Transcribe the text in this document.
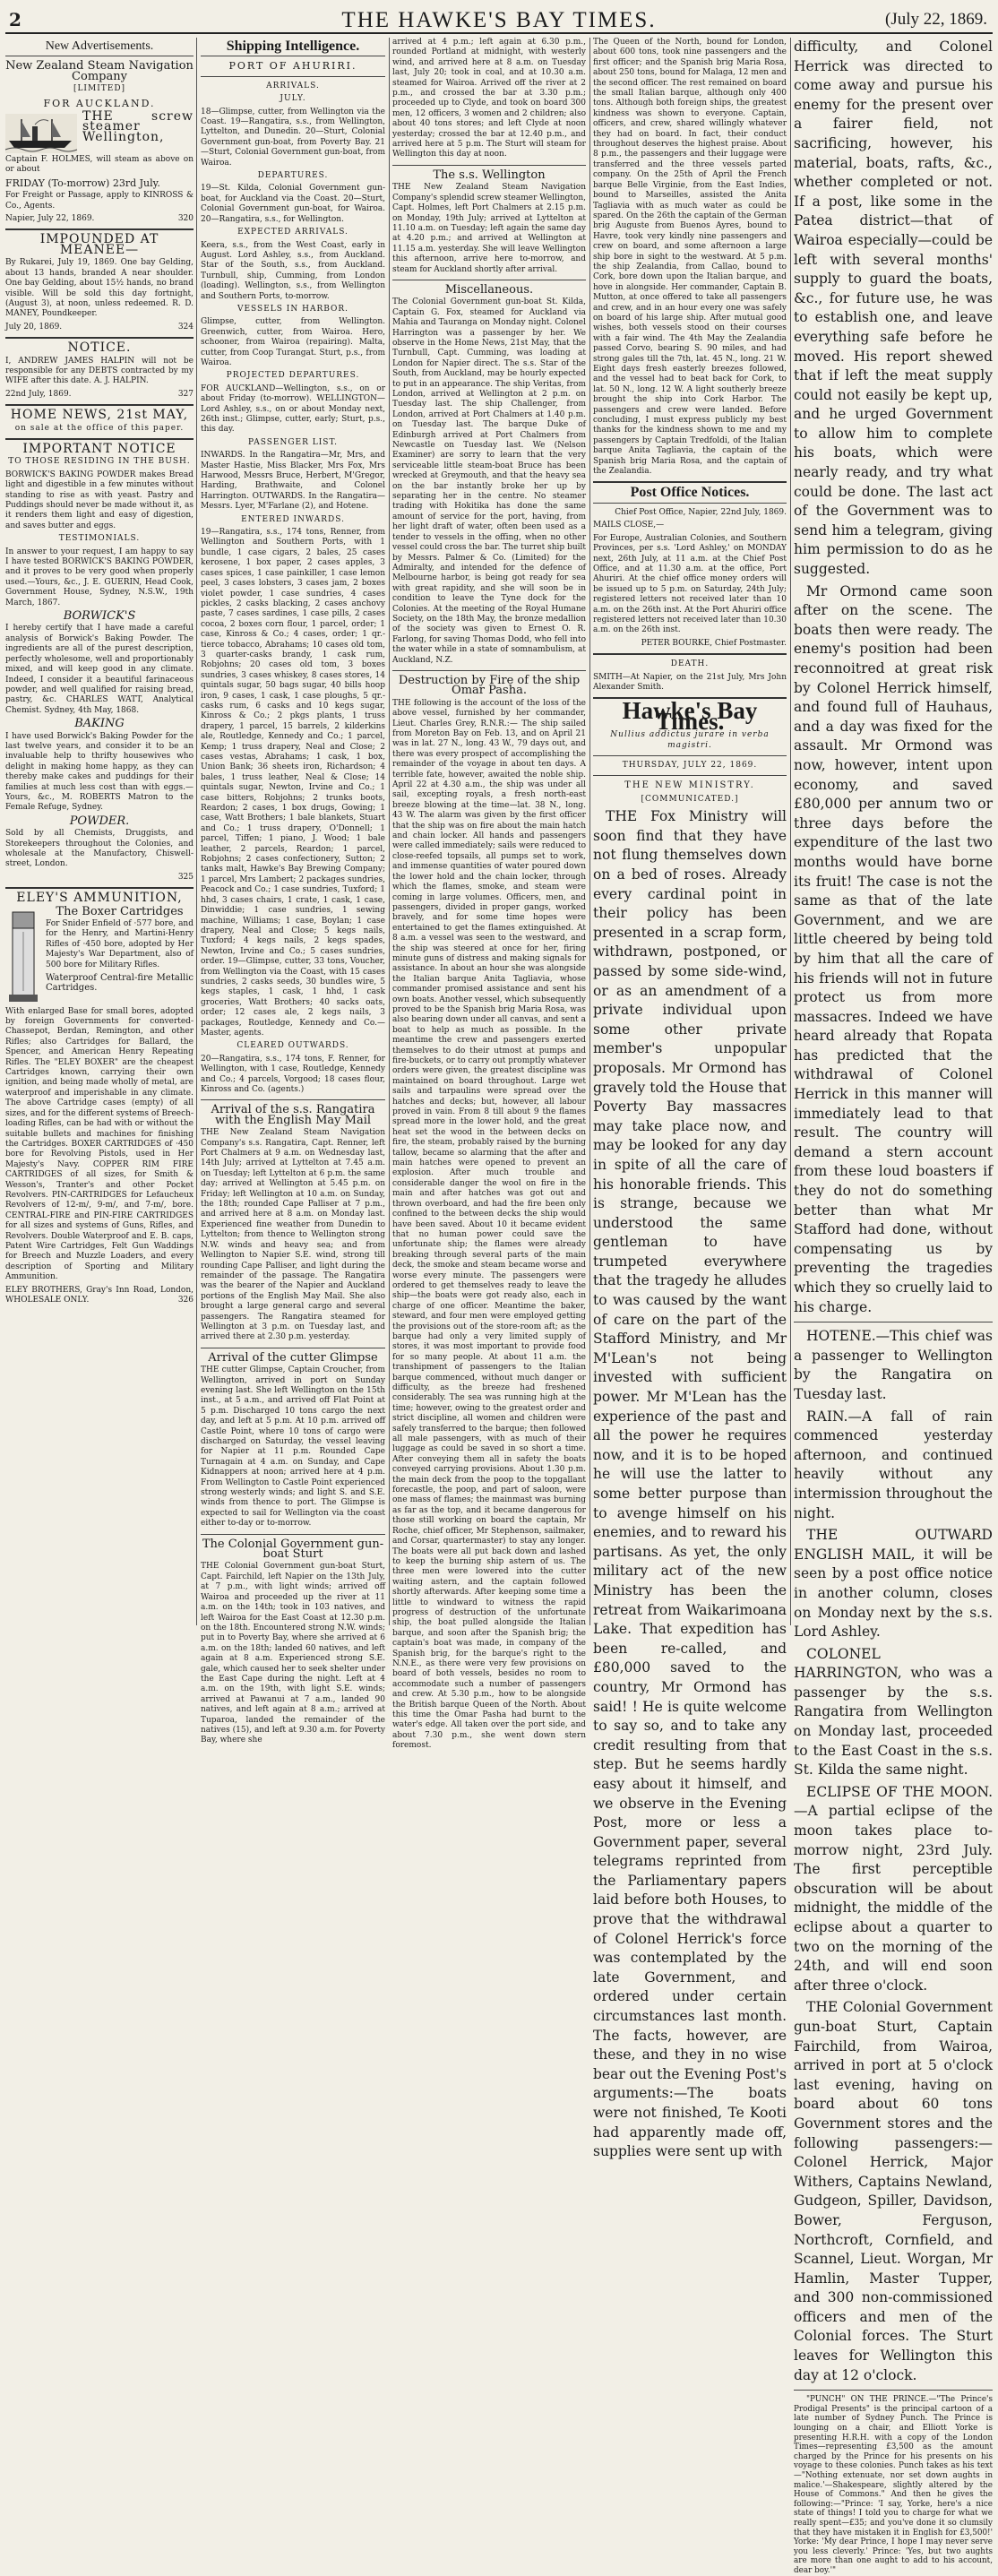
2	THE HAWKE'S BAY TIMES.	(July 22, 1869.
New Advertisements.
New Zealand Steam Navigation Company
[LIMITED]
FOR AUCKLAND.

THE screw steamer Wellington,

Captain F. HOLMES, will steam as above on or about

FRIDAY (To-morrow) 23rd July.

For Freight or Passage, apply to KINROSS & Co., Agents.

Napier, July 22, 1869.	320

IMPOUNDED AT MEANEE—

By Rukarei, July 19, 1869. One bay Gelding, about 13 hands, branded A near shoulder. One bay Gelding, about 15½ hands, no brand visible. Will be sold this day fortnight, (August 3), at noon, unless redeemed. R. D. MANEY, Poundkeeper.

July 20, 1869.	324

NOTICE.

I, ANDREW JAMES HALPIN will not be responsible for any DEBTS contracted by my WIFE after this date. A. J. HALPIN.

22nd July, 1869.	327

HOME NEWS, 21st MAY,
on sale at the office of this paper.
IMPORTANT NOTICE
TO THOSE RESIDING IN THE BUSH.

BORWICK'S BAKING POWDER makes Bread light and digestible in a few minutes without standing to rise as with yeast. Pastry and Puddings should never be made without it, as it renders them light and easy of digestion, and saves butter and eggs.

TESTIMONIALS.

In answer to your request, I am happy to say I have tested BORWICK'S BAKING POWDER, and it proves to be very good when properly used.—Yours, &c., J. E. GUERIN, Head Cook, Government House, Sydney, N.S.W., 19th March, 1867.

BORWICK'S

I hereby certify that I have made a careful analysis of Borwick's Baking Powder. The ingredients are all of the purest description, perfectly wholesome, well and proportionably mixed, and will keep good in any climate. Indeed, I consider it a beautiful farinaceous powder, and well qualified for raising bread, pastry, &c. CHARLES WATT, Analytical Chemist. Sydney, 4th May, 1868.

BAKING

I have used Borwick's Baking Powder for the last twelve years, and consider it to be an invaluable help to thrifty housewives who delight in making home happy, as they can thereby make cakes and puddings for their families at much less cost than with eggs.—Yours, &c., M. ROBERTS Matron to the Female Refuge, Sydney.

POWDER.

Sold by all Chemists, Druggists, and Storekeepers throughout the Colonies, and wholesale at the Manufactory, Chiswell-street, London.

325

ELEY'S AMMUNITION,
The Boxer Cartridges

For Snider Enfield of ·577 bore, and for the Henry, and Martini-Henry Rifles of ·450 bore, adopted by Her Majesty's War Department, also of 500 bore for Military Rifles.

Waterproof Central-fire Metallic Cartridges.

With enlarged Base for small bores, adopted by foreign Governments for converted-Chassepot, Berdan, Remington, and other Rifles; also Cartridges for Ballard, the Spencer, and American Henry Repeating Rifles. The "ELEY BOXER" are the cheapest Cartridges known, carrying their own ignition, and being made wholly of metal, are waterproof and imperishable in any climate. The above Cartridge cases (empty) of all sizes, and for the different systems of Breech-loading Rifles, can be had with or without the suitable bullets and machines for finishing the Cartridges. BOXER CARTRIDGES of ·450 bore for Revolving Pistols, used in Her Majesty's Navy. COPPER RIM FIRE CARTRIDGES of all sizes, for Smith & Wesson's, Tranter's and other Pocket Revolvers. PIN-CARTRIDGES for Lefaucheux Revolvers of 12-m/, 9-m/, and 7-m/, bore. CENTRAL-FIRE and PIN-FIRE CARTRIDGES for all sizes and systems of Guns, Rifles, and Revolvers. Double Waterproof and E. B. caps, Patent Wire Cartridges, Felt Gun Waddings for Breech and Muzzle Loaders, and every description of Sporting and Military Ammunition.

ELEY BROTHERS, Gray's Inn Road, London, WHOLESALE ONLY.	326

Shipping Intelligence.
PORT OF AHURIRI.
ARRIVALS.
JULY.

18—Glimpse, cutter, from Wellington via the Coast. 19—Rangatira, s.s., from Wellington, Lyttelton, and Dunedin. 20—Sturt, Colonial Government gun-boat, from Poverty Bay. 21—Sturt, Colonial Government gun-boat, from Wairoa.

DEPARTURES.

19—St. Kilda, Colonial Government gun-boat, for Auckland via the Coast. 20—Sturt, Colonial Government gun-boat, for Wairoa. 20—Rangatira, s.s., for Wellington.

EXPECTED ARRIVALS.

Keera, s.s., from the West Coast, early in August. Lord Ashley, s.s., from Auckland. Star of the South, s.s., from Auckland. Turnbull, ship, Cumming, from London (loading). Wellington, s.s., from Wellington and Southern Ports, to-morrow.

VESSELS IN HARBOR.

Glimpse, cutter, from Wellington. Greenwich, cutter, from Wairoa. Hero, schooner, from Wairoa (repairing). Malta, cutter, from Coop Turangat. Sturt, p.s., from Wairoa.

PROJECTED DEPARTURES.

FOR AUCKLAND—Wellington, s.s., on or about Friday (to-morrow). WELLINGTON—Lord Ashley, s.s., on or about Monday next, 26th inst.; Glimpse, cutter, early; Sturt, p.s., this day.

PASSENGER LIST.

INWARDS. In the Rangatira—Mr, Mrs, and Master Hastie, Miss Blacker, Mrs Fox, Mrs Harwood, Messrs Bruce, Herbert, M'Gregor, Harding, Brathwaite, and Colonel Harrington. OUTWARDS. In the Rangatira—Messrs. Lyer, M'Farlane (2), and Hotene.

ENTERED INWARDS.

19—Rangatira, s.s., 174 tons, Renner, from Wellington and Southern Ports, with 1 bundle, 1 case cigars, 2 bales, 25 cases kerosene, 1 box paper, 2 cases apples, 3 cases spices, 1 case painkiller, 1 case lemon peel, 3 cases lobsters, 3 cases jam, 2 boxes violet powder, 1 case sundries, 4 cases pickles, 2 casks blacking, 2 cases anchovy paste, 7 cases sardines, 1 case pills, 2 cases cocoa, 2 boxes corn flour, 1 parcel, order; 1 case, Kinross & Co.; 4 cases, order; 1 qr.-tierce tobacco, Abrahams; 10 cases old tom, 3 quarter-casks brandy, 1 cask rum, Robjohns; 20 cases old tom, 3 boxes sundries, 3 cases whiskey, 8 cases stores, 14 quintals sugar, 50 bags sugar, 40 bills hoop iron, 9 cases, 1 cask, 1 case ploughs, 5 qr.-casks rum, 6 casks and 10 kegs sugar, Kinross & Co.; 2 pkgs plants, 1 truss drapery, 1 parcel, 15 barrels, 2 kilderkins ale, Routledge, Kennedy and Co.; 1 parcel, Kemp; 1 truss drapery, Neal and Close; 2 cases vestas, Abrahams; 1 cask, 1 box, Union Bank; 36 sheets iron, Richardson; 4 bales, 1 truss leather, Neal & Close; 14 quintals sugar, Newton, Irvine and Co.; 1 case bitters, Robjohns; 2 trunks boots, Reardon; 2 cases, 1 box drugs, Gowing; 1 case, Watt Brothers; 1 bale blankets, Stuart and Co.; 1 truss drapery, O'Donnell; 1 parcel, Tiffen; 1 piano, J. Wood; 1 bale leather, 2 parcels, Reardon; 1 parcel, Robjohns; 2 cases confectionery, Sutton; 2 tanks malt, Hawke's Bay Brewing Company; 1 parcel, Mrs Lambert; 2 packages sundries, Peacock and Co.; 1 case sundries, Tuxford; 1 hhd, 3 cases chairs, 1 crate, 1 cask, 1 case, Dinwiddie; 1 case sundries, 1 sewing machine, Williams; 1 case, Boylan; 1 case drapery, Neal and Close; 5 kegs nails, Tuxford; 4 kegs nails, 2 kegs spades, Newton, Irvine and Co.; 5 cases sundries, order. 19—Glimpse, cutter, 33 tons, Voucher, from Wellington via the Coast, with 15 cases sundries, 2 casks seeds, 30 bundles wire, 5 kegs staples, 1 cask, 1 hhd, 1 cask groceries, Watt Brothers; 40 sacks oats, order; 12 cases ale, 2 kegs nails, 3 packages, Routledge, Kennedy and Co.—Master, agents.

CLEARED OUTWARDS.

20—Rangatira, s.s., 174 tons, F. Renner, for Wellington, with 1 case, Routledge, Kennedy and Co.; 4 parcels, Vorgood; 18 cases flour, Kinross and Co. (agents.)

Arrival of the s.s. Rangatira with the English May Mail

THE New Zealand Steam Navigation Company's s.s. Rangatira, Capt. Renner, left Port Chalmers at 9 a.m. on Wednesday last, 14th July; arrived at Lyttelton at 7.45 a.m. on Tuesday; left Lyttelton at 6 p.m. the same day; arrived at Wellington at 5.45 p.m. on Friday; left Wellington at 10 a.m. on Sunday, the 18th; rounded Cape Palliser at 7 p.m., and arrived here at 8 a.m. on Monday last. Experienced fine weather from Dunedin to Lyttelton; from thence to Wellington strong N.W. winds and heavy sea; and from Wellington to Napier S.E. wind, strong till rounding Cape Palliser, and light during the remainder of the passage. The Rangatira was the bearer of the Napier and Auckland portions of the English May Mail. She also brought a large general cargo and several passengers. The Rangatira steamed for Wellington at 3 p.m. on Tuesday last, and arrived there at 2.30 p.m. yesterday.

Arrival of the cutter Glimpse

THE cutter Glimpse, Captain Croucher, from Wellington, arrived in port on Sunday evening last. She left Wellington on the 15th inst., at 5 a.m., and arrived off Flat Point at 5 p.m. Discharged 10 tons cargo the next day, and left at 5 p.m. At 10 p.m. arrived off Castle Point, where 10 tons of cargo were discharged on Saturday, the vessel leaving for Napier at 11 p.m. Rounded Cape Turnagain at 4 a.m. on Sunday, and Cape Kidnappers at noon; arrived here at 4 p.m. From Wellington to Castle Point experienced strong westerly winds; and light S. and S.E. winds from thence to port. The Glimpse is expected to sail for Wellington via the coast either to-day or to-morrow.

The Colonial Government gun-boat Sturt

THE Colonial Government gun-boat Sturt, Capt. Fairchild, left Napier on the 13th July, at 7 p.m., with light winds; arrived off Wairoa and proceeded up the river at 11 a.m. on the 14th; took in 103 natives, and left Wairoa for the East Coast at 12.30 p.m. on the 18th. Encountered strong N.W. winds; put in to Poverty Bay, where she arrived at 6 a.m. on the 18th; landed 60 natives, and left again at 8 a.m. Experienced strong S.E. gale, which caused her to seek shelter under the East Cape during the night. Left at 4 a.m. on the 19th, with light S.E. winds; arrived at Pawanui at 7 a.m., landed 90 natives, and left again at 8 a.m.; arrived at Tuparoa, landed the remainder of the natives (15), and left at 9.30 a.m. for Poverty Bay, where she

arrived at 4 p.m.; left again at 6.30 p.m., rounded Portland at midnight, with westerly wind, and arrived here at 8 a.m. on Tuesday last, July 20; took in coal, and at 10.30 a.m. steamed for Wairoa. Arrived off the river at 2 p.m., and crossed the bar at 3.30 p.m.; proceeded up to Clyde, and took on board 300 men, 12 officers, 3 women and 2 children; also about 40 tons stores; and left Clyde at noon yesterday; crossed the bar at 12.40 p.m., and arrived here at 5 p.m. The Sturt will steam for Wellington this day at noon.

The s.s. Wellington

THE New Zealand Steam Navigation Company's splendid screw steamer Wellington, Capt. Holmes, left Port Chalmers at 2.15 p.m. on Monday, 19th July; arrived at Lyttelton at 11.10 a.m. on Tuesday; left again the same day at 4.20 p.m.; and arrived at Wellington at 11.15 a.m. yesterday. She will leave Wellington this afternoon, arrive here to-morrow, and steam for Auckland shortly after arrival.

Miscellaneous.

The Colonial Government gun-boat St. Kilda, Captain G. Fox, steamed for Auckland via Mahia and Tauranga on Monday night. Colonel Harrington was a passenger by her. We observe in the Home News, 21st May, that the Turnbull, Capt. Cumming, was loading at London for Napier direct. The s.s. Star of the South, from Auckland, may be hourly expected to put in an appearance. The ship Veritas, from London, arrived at Wellington at 2 p.m. on Tuesday last. The ship Challenger, from London, arrived at Port Chalmers at 1.40 p.m. on Tuesday last. The barque Duke of Edinburgh arrived at Port Chalmers from Newcastle on Tuesday last. We (Nelson Examiner) are sorry to learn that the very serviceable little steam-boat Bruce has been wrecked at Greymouth, and that the heavy sea on the bar instantly broke her up by separating her in the centre. No steamer trading with Hokitika has done the same amount of service for the port, having, from her light draft of water, often been used as a tender to vessels in the offing, when no other vessel could cross the bar. The turret ship built by Messrs. Palmer & Co. (Limited) for the Admiralty, and intended for the defence of Melbourne harbor, is being got ready for sea with great rapidity, and she will soon be in condition to leave the Tyne dock for the Colonies. At the meeting of the Royal Humane Society, on the 18th May, the bronze medallion of the society was given to Ernest O. R. Farlong, for saving Thomas Dodd, who fell into the water while in a state of somnambulism, at Auckland, N.Z.

Destruction by Fire of the ship Omar Pasha.

THE following is the account of the loss of the above vessel, furnished by her commander, Lieut. Charles Grey, R.N.R.:— The ship sailed from Moreton Bay on Feb. 13, and on April 21 was in lat. 27 N., long. 43 W., 79 days out, and there was every prospect of accomplishing the remainder of the voyage in about ten days. A terrible fate, however, awaited the noble ship. April 22 at 4.30 a.m., the ship was under all sail, excepting royals, a fresh north-east breeze blowing at the time—lat. 38 N., long. 43 W. The alarm was given by the first officer that the ship was on fire about the main hatch and chain locker. All hands and passengers were called immediately; sails were reduced to close-reefed topsails, all pumps set to work, and immense quantities of water poured down the lower hold and the chain locker, through which the flames, smoke, and steam were coming in large volumes. Officers, men, and passengers, divided in proper gangs, worked bravely, and for some time hopes were entertained to get the flames extinguished. At 8 a.m. a vessel was seen to the westward, and the ship was steered at once for her, firing minute guns of distress and making signals for assistance. In about an hour she was alongside the Italian barque Anita Tagliavia, whose commander promised assistance and sent his own boats. Another vessel, which subsequently proved to be the Spanish brig Maria Rosa, was also bearing down under all canvas, and sent a boat to help as much as possible. In the meantime the crew and passengers exerted themselves to do their utmost at pumps and fire-buckets, or to carry out promptly whatever orders were given, the greatest discipline was maintained on board throughout. Large wet sails and tarpaulins were spread over the hatches and decks; but, however, all labour proved in vain. From 8 till about 9 the flames spread more in the lower hold, and the great heat set the wood in the between decks on fire, the steam, probably raised by the burning tallow, became so alarming that the after and main hatches were opened to prevent an explosion. After much trouble and considerable danger the wool on fire in the main and after hatches was got out and thrown overboard, and had the fire been only confined to the between decks the ship would have been saved. About 10 it became evident that no human power could save the unfortunate ship; the flames were already breaking through several parts of the main deck, the smoke and steam became worse and worse every minute. The passengers were ordered to get themselves ready to leave the ship—the boats were got ready also, each in charge of one officer. Meantime the baker, steward, and four men were employed getting the provisions out of the store-room aft; as the barque had only a very limited supply of stores, it was most important to provide food for so many people. At about 11 a.m. the transhipment of passengers to the Italian barque commenced, without much danger or difficulty, as the breeze had freshened considerably. The sea was running high at the time; however, owing to the greatest order and strict discipline, all women and children were safely transferred to the barque; then followed all male passengers, with as much of their luggage as could be saved in so short a time. After conveying them all in safety the boats conveyed carrying provisions. About 1.30 p.m. the main deck from the poop to the topgallant forecastle, the poop, and part of saloon, were one mass of flames; the mainmast was burning as far as the top, and it became dangerous for those still working on board the captain, Mr Roche, chief officer, Mr Stephenson, sailmaker, and Corsar, quartermaster) to stay any longer. The boats were all put back down and lashed to keep the burning ship astern of us. The three men were lowered into the cutter waiting astern, and the captain followed shortly afterwards. After keeping some time a little to windward to witness the rapid progress of destruction of the unfortunate ship, the boat pulled alongside the Italian barque, and soon after the Spanish brig; the captain's boat was made, in company of the Spanish brig, for the barque's right to the N.N.E., as there were very few provisions on board of both vessels, besides no room to accommodate such a number of passengers and crew. At 5.30 p.m., how to be alongside the British barque Queen of the North. About this time the Omar Pasha had burnt to the water's edge. All taken over the port side, and about 7.30 p.m., she went down stern foremost.

The Queen of the North, bound for London, about 600 tons, took nine passengers and the first officer; and the Spanish brig Maria Rosa, about 250 tons, bound for Malaga, 12 men and the second officer. The rest remained on board the small Italian barque, although only 400 tons. Although both foreign ships, the greatest kindness was shown to everyone. Captain, officers, and crew, shared willingly whatever they had on board. In fact, their conduct throughout deserves the highest praise. About 8 p.m., the passengers and their luggage were transferred and the three vessels parted company. On the 25th of April the French barque Belle Virginie, from the East Indies, bound to Marseilles, assisted the Anita Tagliavia with as much water as could be spared. On the 26th the captain of the German brig Auguste from Buenos Ayres, bound to Havre, took very kindly nine passengers and crew on board, and some afternoon a large ship bore in sight to the westward. At 5 p.m. the ship Zealandia, from Callao, bound to Cork, bore down upon the Italian barque, and hove in alongside. Her commander, Captain B. Mutton, at once offered to take all passengers and crew, and in an hour every one was safely on board of his large ship. After mutual good wishes, both vessels stood on their courses with a fair wind. The 4th May the Zealandia passed Corvo, bearing S. 90 miles, and had strong gales till the 7th, lat. 45 N., long. 21 W. Eight days fresh easterly breezes followed, and the vessel had to beat back for Cork, to lat. 50 N., long. 12 W. A light southerly breeze brought the ship into Cork Harbor. The passengers and crew were landed. Before concluding, I must express publicly my best thanks for the kindness shown to me and my passengers by Captain Tredfoldi, of the Italian barque Anita Tagliavia, the captain of the Spanish brig Maria Rosa, and the captain of the Zealandia.

Post Office Notices.

Chief Post Office, Napier, 22nd July, 1869.

MAILS CLOSE,—

For Europe, Australian Colonies, and Southern Provinces, per s.s. 'Lord Ashley,' on MONDAY next, 26th July, at 11 a.m. at the Chief Post Office, and at 11.30 a.m. at the office, Port Ahuriri. At the chief office money orders will be issued up to 5 p.m. on Saturday, 24th July; registered letters not received later than 10 a.m. on the 26th inst. At the Port Ahuriri office registered letters not received later than 10.30 a.m. on the 26th inst.

PETER BOURKE, Chief Postmaster.

DEATH.

SMITH—At Napier, on the 21st July, Mrs John Alexander Smith.

Hawke's Bay Times.
Nullius addictus jurare in verba magistri.
THURSDAY, JULY 22, 1869.
THE NEW MINISTRY.
[COMMUNICATED.]

THE Fox Ministry will soon find that they have not flung themselves down on a bed of roses. Already every cardinal point in their policy has been presented in a scrap form, withdrawn, postponed, or passed by some side-wind, or as an amendment of a private individual upon some other private member's unpopular proposals. Mr Ormond has gravely told the House that Poverty Bay massacres may take place now, and may be looked for any day in spite of all the care of his honorable friends. This is strange, because we understood the same gentleman to have trumpeted everywhere that the tragedy he alludes to was caused by the want of care on the part of the Stafford Ministry, and Mr M'Lean's not being invested with sufficient power. Mr M'Lean has the experience of the past and all the power he requires now, and it is to be hoped he will use the latter to some better purpose than to avenge himself on his enemies, and to reward his partisans. As yet, the only military act of the new Ministry has been the retreat from Waikarimoana Lake. That expedition has been re-called, and £80,000 saved to the country, Mr Ormond has said! ! He is quite welcome to say so, and to take any credit resulting from that step. But he seems hardly easy about it himself, and we observe in the Evening Post, more or less a Government paper, several telegrams reprinted from the Parliamentary papers laid before both Houses, to prove that the withdrawal of Colonel Herrick's force was contemplated by the late Government, and ordered under certain circumstances last month. The facts, however, are these, and they in no wise bear out the Evening Post's arguments:—The boats were not finished, Te Kooti had apparently made off, supplies were sent up with

difficulty, and Colonel Herrick was directed to come away and pursue his enemy for the present over a fairer field, not sacrificing, however, his material, boats, rafts, &c., whether completed or not. If a post, like some in the Patea district—that of Wairoa especially—could be left with several months' supply to guard the boats, &c., for future use, he was to establish one, and leave everything safe before he moved. His report shewed that if left the meat supply could not easily be kept up, and he urged Government to allow him to complete his boats, which were nearly ready, and try what could be done. The last act of the Government was to send him a telegram, giving him permission to do as he suggested.

Mr Ormond came soon after on the scene. The boats then were ready. The enemy's position had been reconnoitred at great risk by Colonel Herrick himself, and found full of Hauhaus, and a day was fixed for the assault. Mr Ormond was now, however, intent upon economy, and saved £80,000 per annum two or three days before the expenditure of the last two months would have borne its fruit! The case is not the same as that of the late Government, and we are little cheered by being told by him that all the care of his friends will not in future protect us from more massacres. Indeed we have heard already that Ropata has predicted that the withdrawal of Colonel Herrick in this manner will immediately lead to that result. The country will demand a stern account from these loud boasters if they do not do something better than what Mr Stafford had done, without compensating us by preventing the tragedies which they so cruelly laid to his charge.

HOTENE.—This chief was a passenger to Wellington by the Rangatira on Tuesday last.

RAIN.—A fall of rain commenced yesterday afternoon, and continued heavily without any intermission throughout the night.

THE OUTWARD ENGLISH MAIL, it will be seen by a post office notice in another column, closes on Monday next by the s.s. Lord Ashley.

COLONEL HARRINGTON, who was a passenger by the s.s. Rangatira from Wellington on Monday last, proceeded to the East Coast in the s.s. St. Kilda the same night.

ECLIPSE OF THE MOON.—A partial eclipse of the moon takes place to-morrow night, 23rd July. The first perceptible obscuration will be about midnight, the middle of the eclipse about a quarter to two on the morning of the 24th, and will end soon after three o'clock.

THE Colonial Government gun-boat Sturt, Captain Fairchild, from Wairoa, arrived in port at 5 o'clock last evening, having on board about 60 tons Government stores and the following passengers:—Colonel Herrick, Major Withers, Captains Newland, Gudgeon, Spiller, Davidson, Bower, Ferguson, Northcroft, Cornfield, and Scannel, Lieut. Worgan, Mr Hamlin, Master Tupper, and 300 non-commissioned officers and men of the Colonial forces. The Sturt leaves for Wellington this day at 12 o'clock.

"PUNCH" ON THE PRINCE.—"The Prince's Prodigal Presents" is the principal cartoon of a late number of Sydney Punch. The Prince is lounging on a chair, and Elliott Yorke is presenting H.R.H. with a copy of the London Times—representing £3,500 as the amount charged by the Prince for his presents on his voyage to these colonies. Punch takes as his text—"Nothing extenuate, nor set down aughts in malice.'—Shakespeare, slightly altered by the House of Commons." And then he gives the following:—"Prince: 'I say, Yorke, here's a nice state of things! I told you to charge for what we really spent—£35; and you've done it so clumsily that they have mistaken it in English for £3,500!' Yorke: 'My dear Prince, I hope I may never serve you less cleverly.' Prince: 'Yes, but two aughts are more than one aught to add to his account, dear boy.'"
